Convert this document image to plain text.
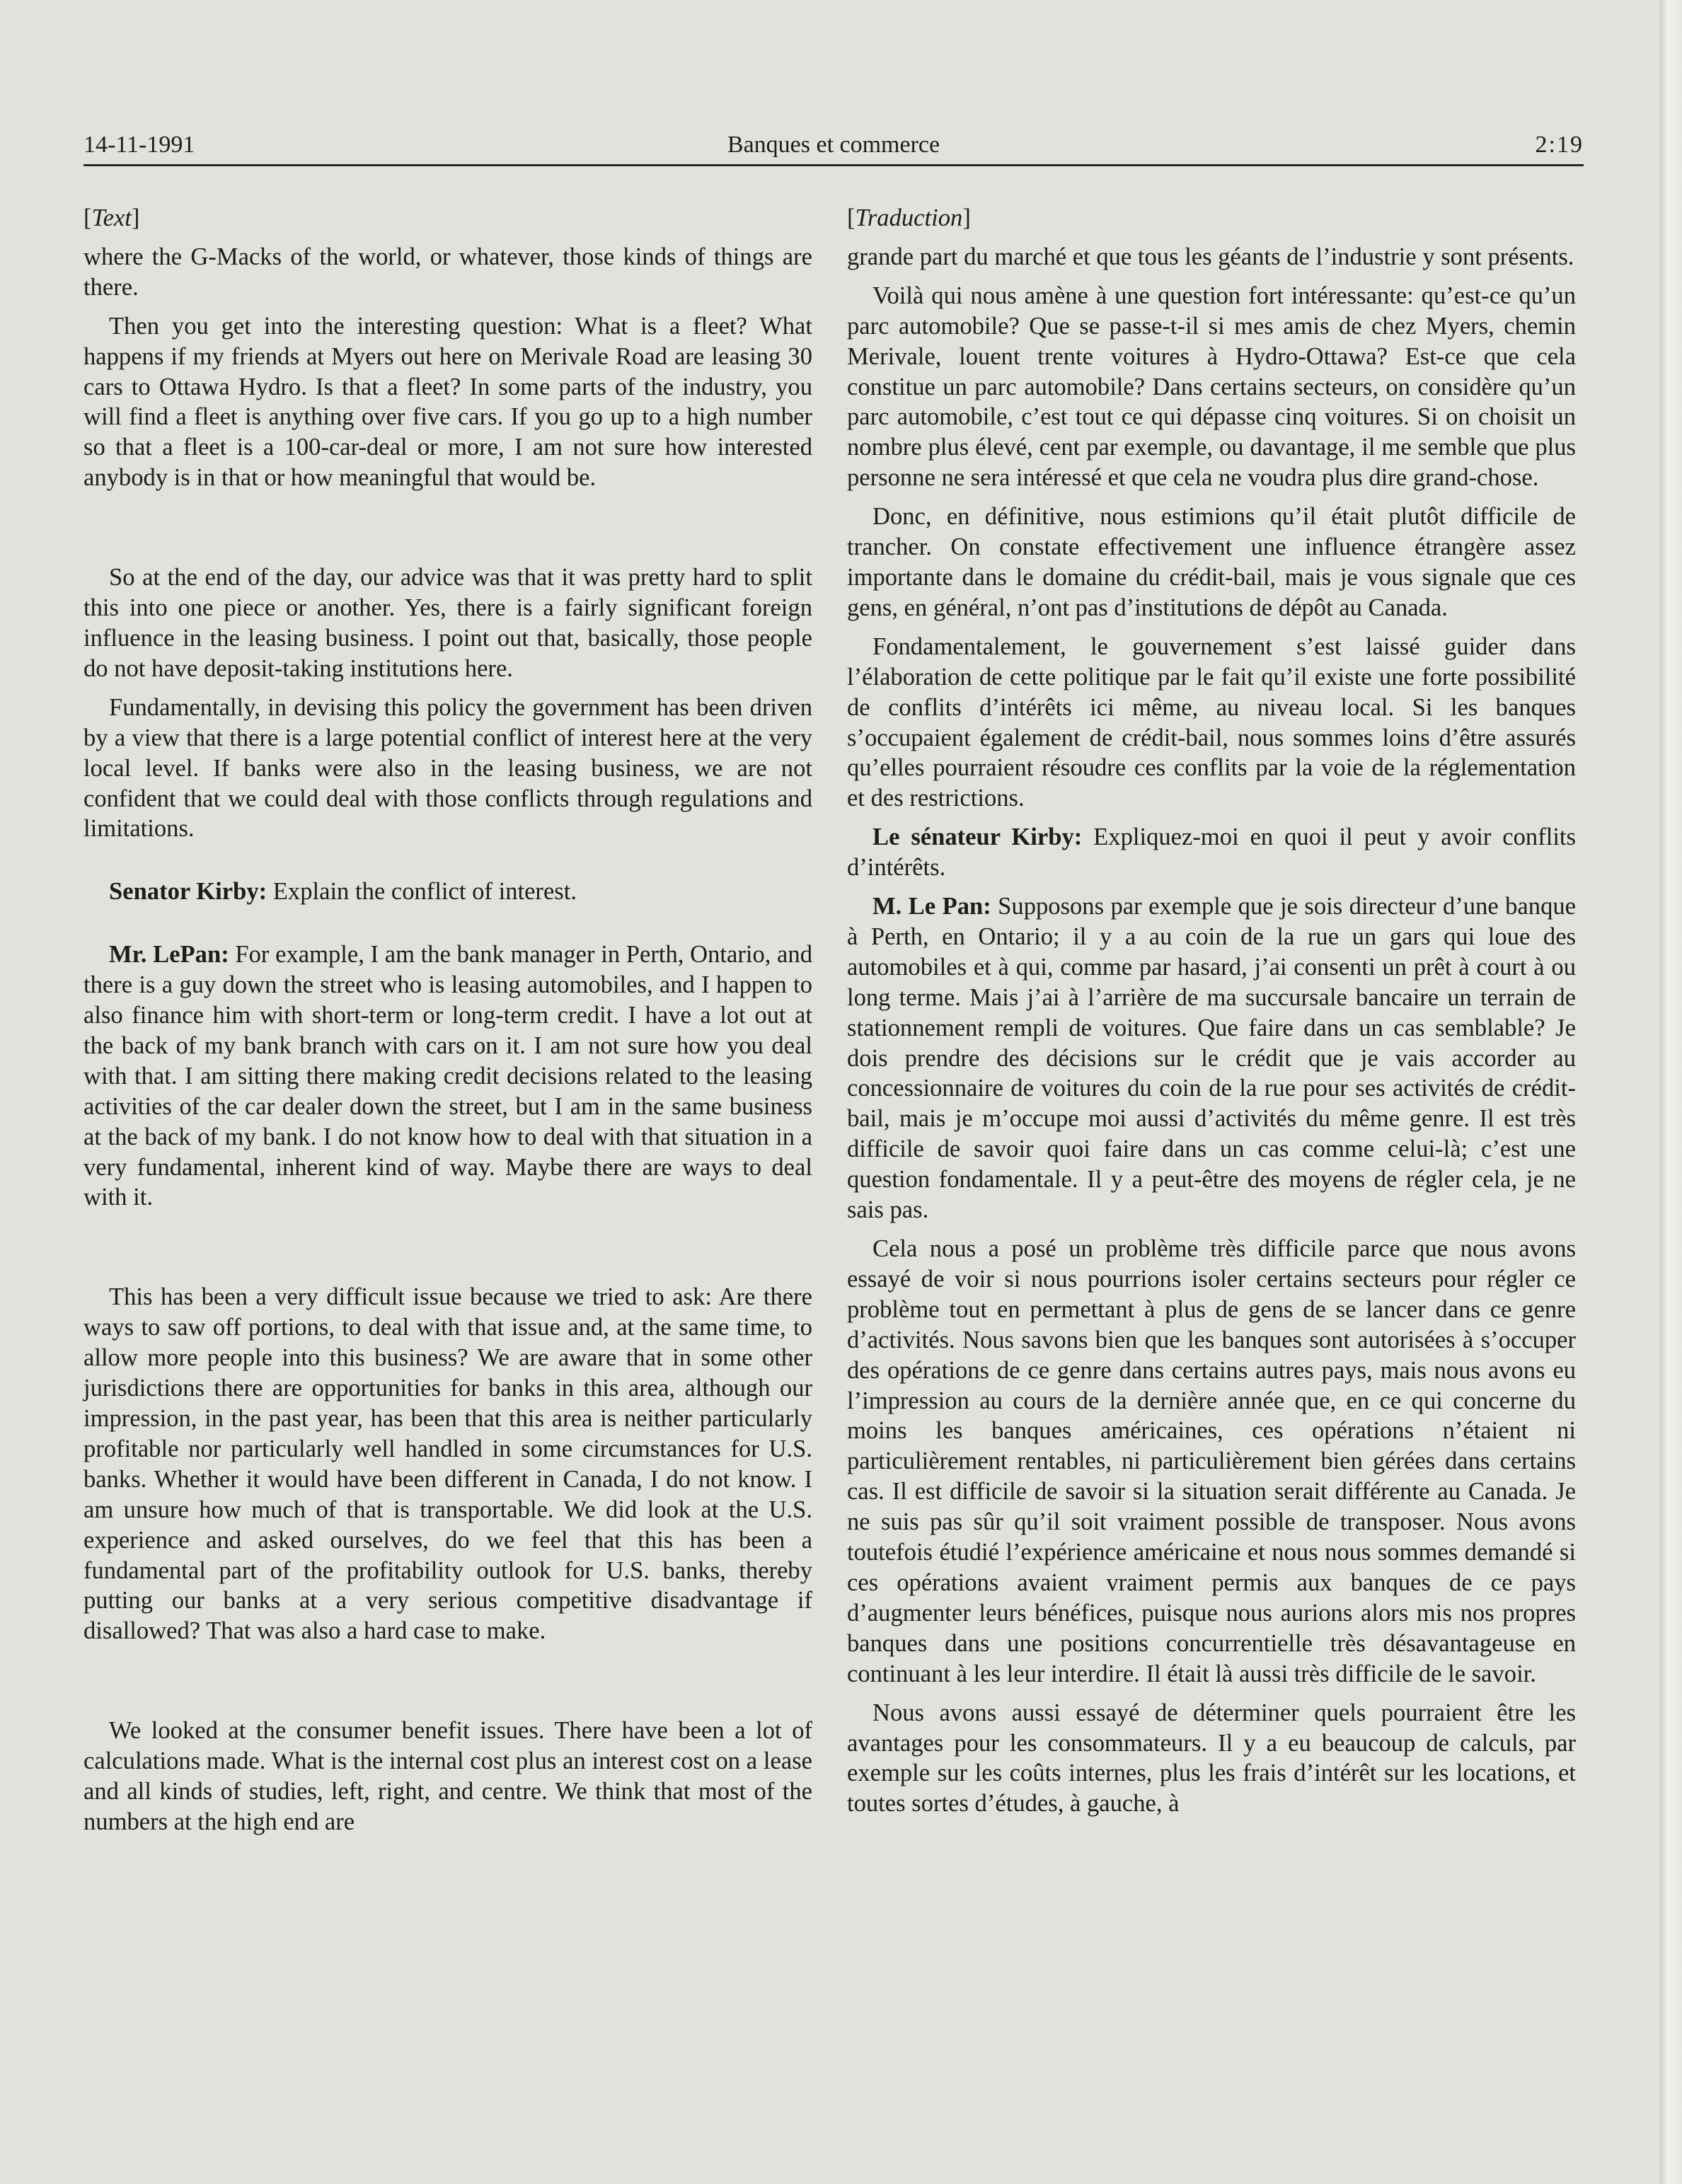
14-11-1991	Banques et commerce	2:19

[Text]

where the G-Macks of the world, or whatever, those kinds of things are there.

Then you get into the interesting question: What is a fleet? What happens if my friends at Myers out here on Merivale Road are leasing 30 cars to Ottawa Hydro. Is that a fleet? In some parts of the industry, you will find a fleet is anything over five cars. If you go up to a high number so that a fleet is a 100-car-deal or more, I am not sure how interested anybody is in that or how meaningful that would be.

So at the end of the day, our advice was that it was pretty hard to split this into one piece or another. Yes, there is a fairly significant foreign influence in the leasing business. I point out that, basically, those people do not have deposit-taking institutions here.

Fundamentally, in devising this policy the government has been driven by a view that there is a large potential conflict of interest here at the very local level. If banks were also in the leasing business, we are not confident that we could deal with those conflicts through regulations and limitations.

Senator Kirby: Explain the conflict of interest.

Mr. LePan: For example, I am the bank manager in Perth, Ontario, and there is a guy down the street who is leasing automobiles, and I happen to also finance him with short-term or long-term credit. I have a lot out at the back of my bank branch with cars on it. I am not sure how you deal with that. I am sitting there making credit decisions related to the leasing activities of the car dealer down the street, but I am in the same business at the back of my bank. I do not know how to deal with that situation in a very fundamental, inherent kind of way. Maybe there are ways to deal with it.

This has been a very difficult issue because we tried to ask: Are there ways to saw off portions, to deal with that issue and, at the same time, to allow more people into this business? We are aware that in some other jurisdictions there are opportunities for banks in this area, although our impression, in the past year, has been that this area is neither particularly profitable nor particularly well handled in some circumstances for U.S. banks. Whether it would have been different in Canada, I do not know. I am unsure how much of that is transportable. We did look at the U.S. experience and asked ourselves, do we feel that this has been a fundamental part of the profitability outlook for U.S. banks, thereby putting our banks at a very serious competitive disadvantage if disallowed? That was also a hard case to make.

We looked at the consumer benefit issues. There have been a lot of calculations made. What is the internal cost plus an interest cost on a lease and all kinds of studies, left, right, and centre. We think that most of the numbers at the high end are

[Traduction]

grande part du marché et que tous les géants de l’industrie y sont présents.

Voilà qui nous amène à une question fort intéressante: qu’est-ce qu’un parc automobile? Que se passe-t-il si mes amis de chez Myers, chemin Merivale, louent trente voitures à Hydro-Ottawa? Est-ce que cela constitue un parc automobile? Dans certains secteurs, on considère qu’un parc automobile, c’est tout ce qui dépasse cinq voitures. Si on choisit un nombre plus élevé, cent par exemple, ou davantage, il me semble que plus personne ne sera intéressé et que cela ne voudra plus dire grand-chose.

Donc, en définitive, nous estimions qu’il était plutôt difficile de trancher. On constate effectivement une influence étrangère assez importante dans le domaine du crédit-bail, mais je vous signale que ces gens, en général, n’ont pas d’institutions de dépôt au Canada.

Fondamentalement, le gouvernement s’est laissé guider dans l’élaboration de cette politique par le fait qu’il existe une forte possibilité de conflits d’intérêts ici même, au niveau local. Si les banques s’occupaient également de crédit-bail, nous sommes loins d’être assurés qu’elles pourraient résoudre ces conflits par la voie de la réglementation et des restrictions.

Le sénateur Kirby: Expliquez-moi en quoi il peut y avoir conflits d’intérêts.

M. Le Pan: Supposons par exemple que je sois directeur d’une banque à Perth, en Ontario; il y a au coin de la rue un gars qui loue des automobiles et à qui, comme par hasard, j’ai consenti un prêt à court à ou long terme. Mais j’ai à l’arrière de ma succursale bancaire un terrain de stationnement rempli de voitures. Que faire dans un cas semblable? Je dois prendre des décisions sur le crédit que je vais accorder au concessionnaire de voitures du coin de la rue pour ses activités de crédit-bail, mais je m’occupe moi aussi d’activités du même genre. Il est très difficile de savoir quoi faire dans un cas comme celui-là; c’est une question fondamentale. Il y a peut-être des moyens de régler cela, je ne sais pas.

Cela nous a posé un problème très difficile parce que nous avons essayé de voir si nous pourrions isoler certains secteurs pour régler ce problème tout en permettant à plus de gens de se lancer dans ce genre d’activités. Nous savons bien que les banques sont autorisées à s’occuper des opérations de ce genre dans certains autres pays, mais nous avons eu l’impression au cours de la dernière année que, en ce qui concerne du moins les banques américaines, ces opérations n’étaient ni particulièrement rentables, ni particulièrement bien gérées dans certains cas. Il est difficile de savoir si la situation serait différente au Canada. Je ne suis pas sûr qu’il soit vraiment possible de transposer. Nous avons toutefois étudié l’expérience américaine et nous nous sommes demandé si ces opérations avaient vraiment permis aux banques de ce pays d’augmenter leurs bénéfices, puisque nous aurions alors mis nos propres banques dans une positions concurrentielle très désavantageuse en continuant à les leur interdire. Il était là aussi très difficile de le savoir.

Nous avons aussi essayé de déterminer quels pourraient être les avantages pour les consommateurs. Il y a eu beaucoup de calculs, par exemple sur les coûts internes, plus les frais d’intérêt sur les locations, et toutes sortes d’études, à gauche, à
